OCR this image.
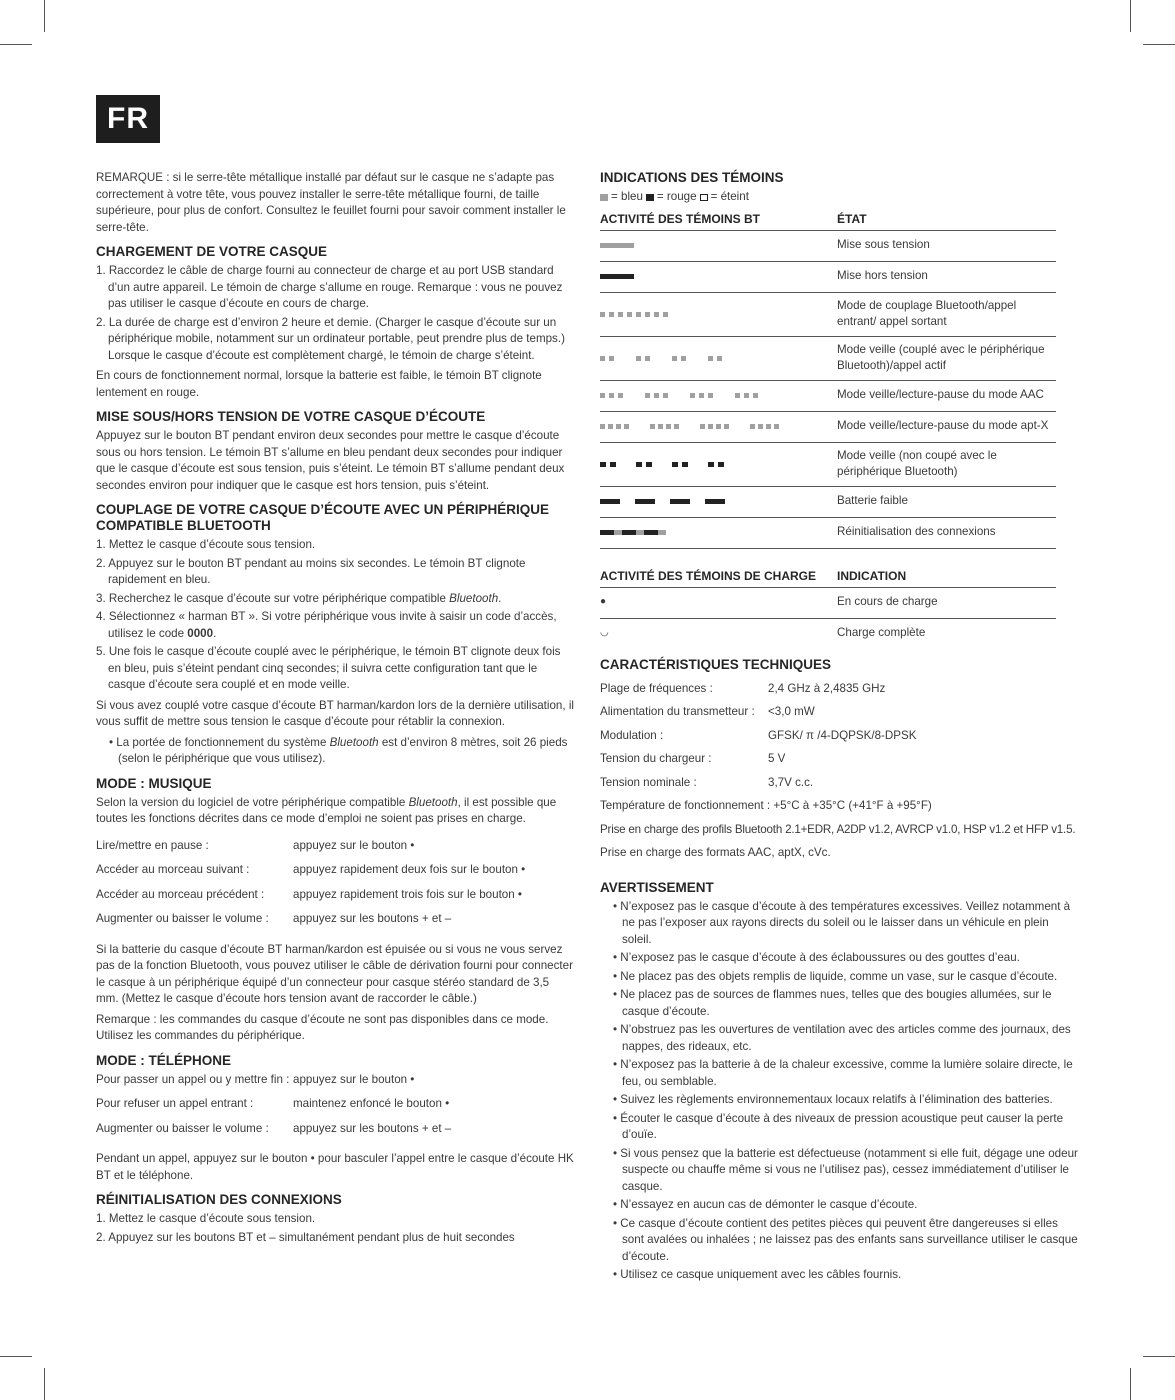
FR

REMARQUE : si le serre-tête métallique installé par défaut sur le casque ne s’adapte pas correctement à votre tête, vous pouvez installer le serre-tête métallique fourni, de taille supérieure, pour plus de confort. Consultez le feuillet fourni pour savoir comment installer le serre-tête.

CHARGEMENT DE VOTRE CASQUE
1. Raccordez le câble de charge fourni au connecteur de charge et au port USB standard d’un autre appareil. Le témoin de charge s’allume en rouge. Remarque : vous ne pouvez pas utiliser le casque d’écoute en cours de charge.
2. La durée de charge est d’environ 2 heure et demie. (Charger le casque d’écoute sur un périphérique mobile, notamment sur un ordinateur portable, peut prendre plus de temps.) Lorsque le casque d’écoute est complètement chargé, le témoin de charge s’éteint.

En cours de fonctionnement normal, lorsque la batterie est faible, le témoin BT clignote lentement en rouge.

MISE SOUS/HORS TENSION DE VOTRE CASQUE D’ÉCOUTE

Appuyez sur le bouton BT pendant environ deux secondes pour mettre le casque d’écoute sous ou hors tension. Le témoin BT s’allume en bleu pendant deux secondes pour indiquer que le casque d’écoute est sous tension, puis s’éteint. Le témoin BT s’allume pendant deux secondes environ pour indiquer que le casque est hors tension, puis s’éteint.

COUPLAGE DE VOTRE CASQUE D’ÉCOUTE AVEC UN PÉRIPHÉRIQUE COMPATIBLE BLUETOOTH
1. Mettez le casque d’écoute sous tension.
2. Appuyez sur le bouton BT pendant au moins six secondes. Le témoin BT clignote rapidement en bleu.
3. Recherchez le casque d’écoute sur votre périphérique compatible Bluetooth.
4. Sélectionnez « harman BT ». Si votre périphérique vous invite à saisir un code d’accès, utilisez le code 0000.
5. Une fois le casque d’écoute couplé avec le périphérique, le témoin BT clignote deux fois en bleu, puis s’éteint pendant cinq secondes; il suivra cette configuration tant que le casque d’écoute sera couplé et en mode veille.

Si vous avez couplé votre casque d’écoute BT harman/kardon lors de la dernière utilisation, il vous suffit de mettre sous tension le casque d’écoute pour rétablir la connexion.

• La portée de fonctionnement du système Bluetooth est d’environ 8 mètres, soit 26 pieds (selon le périphérique que vous utilisez).
MODE : MUSIQUE

Selon la version du logiciel de votre périphérique compatible Bluetooth, il est possible que toutes les fonctions décrites dans ce mode d’emploi ne soient pas prises en charge.

Lire/mettre en pause :	appuyez sur le bouton •
Accéder au morceau suivant :	appuyez rapidement deux fois sur le bouton •
Accéder au morceau précédent :	appuyez rapidement trois fois sur le bouton •
Augmenter ou baisser le volume :	appuyez sur les boutons + et –

Si la batterie du casque d’écoute BT harman/kardon est épuisée ou si vous ne vous servez pas de la fonction Bluetooth, vous pouvez utiliser le câble de dérivation fourni pour connecter le casque à un périphérique équipé d’un connecteur pour casque stéréo standard de 3,5 mm. (Mettez le casque d’écoute hors tension avant de raccorder le câble.)

Remarque : les commandes du casque d’écoute ne sont pas disponibles dans ce mode. Utilisez les commandes du périphérique.

MODE : TÉLÉPHONE
Pour passer un appel ou y mettre fin : appuyez sur le bouton •
Pour refuser un appel entrant :	maintenez enfoncé le bouton •
Augmenter ou baisser le volume :	appuyez sur les boutons + et –

Pendant un appel, appuyez sur le bouton • pour basculer l’appel entre le casque d’écoute HK BT et le téléphone.

RÉINITIALISATION DES CONNEXIONS
1. Mettez le casque d’écoute sous tension.
2. Appuyez sur les boutons BT et – simultanément pendant plus de huit secondes
INDICATIONS DES TÉMOINS
= bleu = rouge = éteint
ACTIVITÉ DES TÉMOINS BT	ÉTAT

	Mise sous tension

	Mise hors tension

	Mode de couplage Bluetooth/appel entrant/ appel sortant

	Mode veille (couplé avec le périphérique Bluetooth)/appel actif

	Mode veille/lecture-pause du mode AAC

	Mode veille/lecture-pause du mode apt-X

	Mode veille (non coupé avec le périphérique Bluetooth)

	Batterie faible

	Réinitialisation des connexions
ACTIVITÉ DES TÉMOINS DE CHARGE	INDICATION
●	En cours de charge
◡	Charge complète
CARACTÉRISTIQUES TECHNIQUES
Plage de fréquences :	2,4 GHz à 2,4835 GHz
Alimentation du transmetteur :	<3,0 mW
Modulation :	GFSK/ π /4-DQPSK/8-DPSK
Tension du chargeur :	5 V
Tension nominale :	3,7V c.c.
Température de fonctionnement : +5°C à +35°C (+41°F à +95°F)
Prise en charge des profils Bluetooth 2.1+EDR, A2DP v1.2, AVRCP v1.0, HSP v1.2 et HFP v1.5.
Prise en charge des formats AAC, aptX, cVc.
AVERTISSEMENT
• N’exposez pas le casque d’écoute à des températures excessives. Veillez notamment à ne pas l’exposer aux rayons directs du soleil ou le laisser dans un véhicule en plein soleil.
• N’exposez pas le casque d’écoute à des éclaboussures ou des gouttes d’eau.
• Ne placez pas des objets remplis de liquide, comme un vase, sur le casque d’écoute.
• Ne placez pas de sources de flammes nues, telles que des bougies allumées, sur le casque d’écoute.
• N’obstruez pas les ouvertures de ventilation avec des articles comme des journaux, des nappes, des rideaux, etc.
• N’exposez pas la batterie à de la chaleur excessive, comme la lumière solaire directe, le feu, ou semblable.
• Suivez les règlements environnementaux locaux relatifs à l’élimination des batteries.
• Écouter le casque d’écoute à des niveaux de pression acoustique peut causer la perte d’ouïe.
• Si vous pensez que la batterie est défectueuse (notamment si elle fuit, dégage une odeur suspecte ou chauffe même si vous ne l’utilisez pas), cessez immédiatement d’utiliser le casque.
• N’essayez en aucun cas de démonter le casque d’écoute.
• Ce casque d’écoute contient des petites pièces qui peuvent être dangereuses si elles sont avalées ou inhalées ; ne laissez pas des enfants sans surveillance utiliser le casque d’écoute.
• Utilisez ce casque uniquement avec les câbles fournis.
